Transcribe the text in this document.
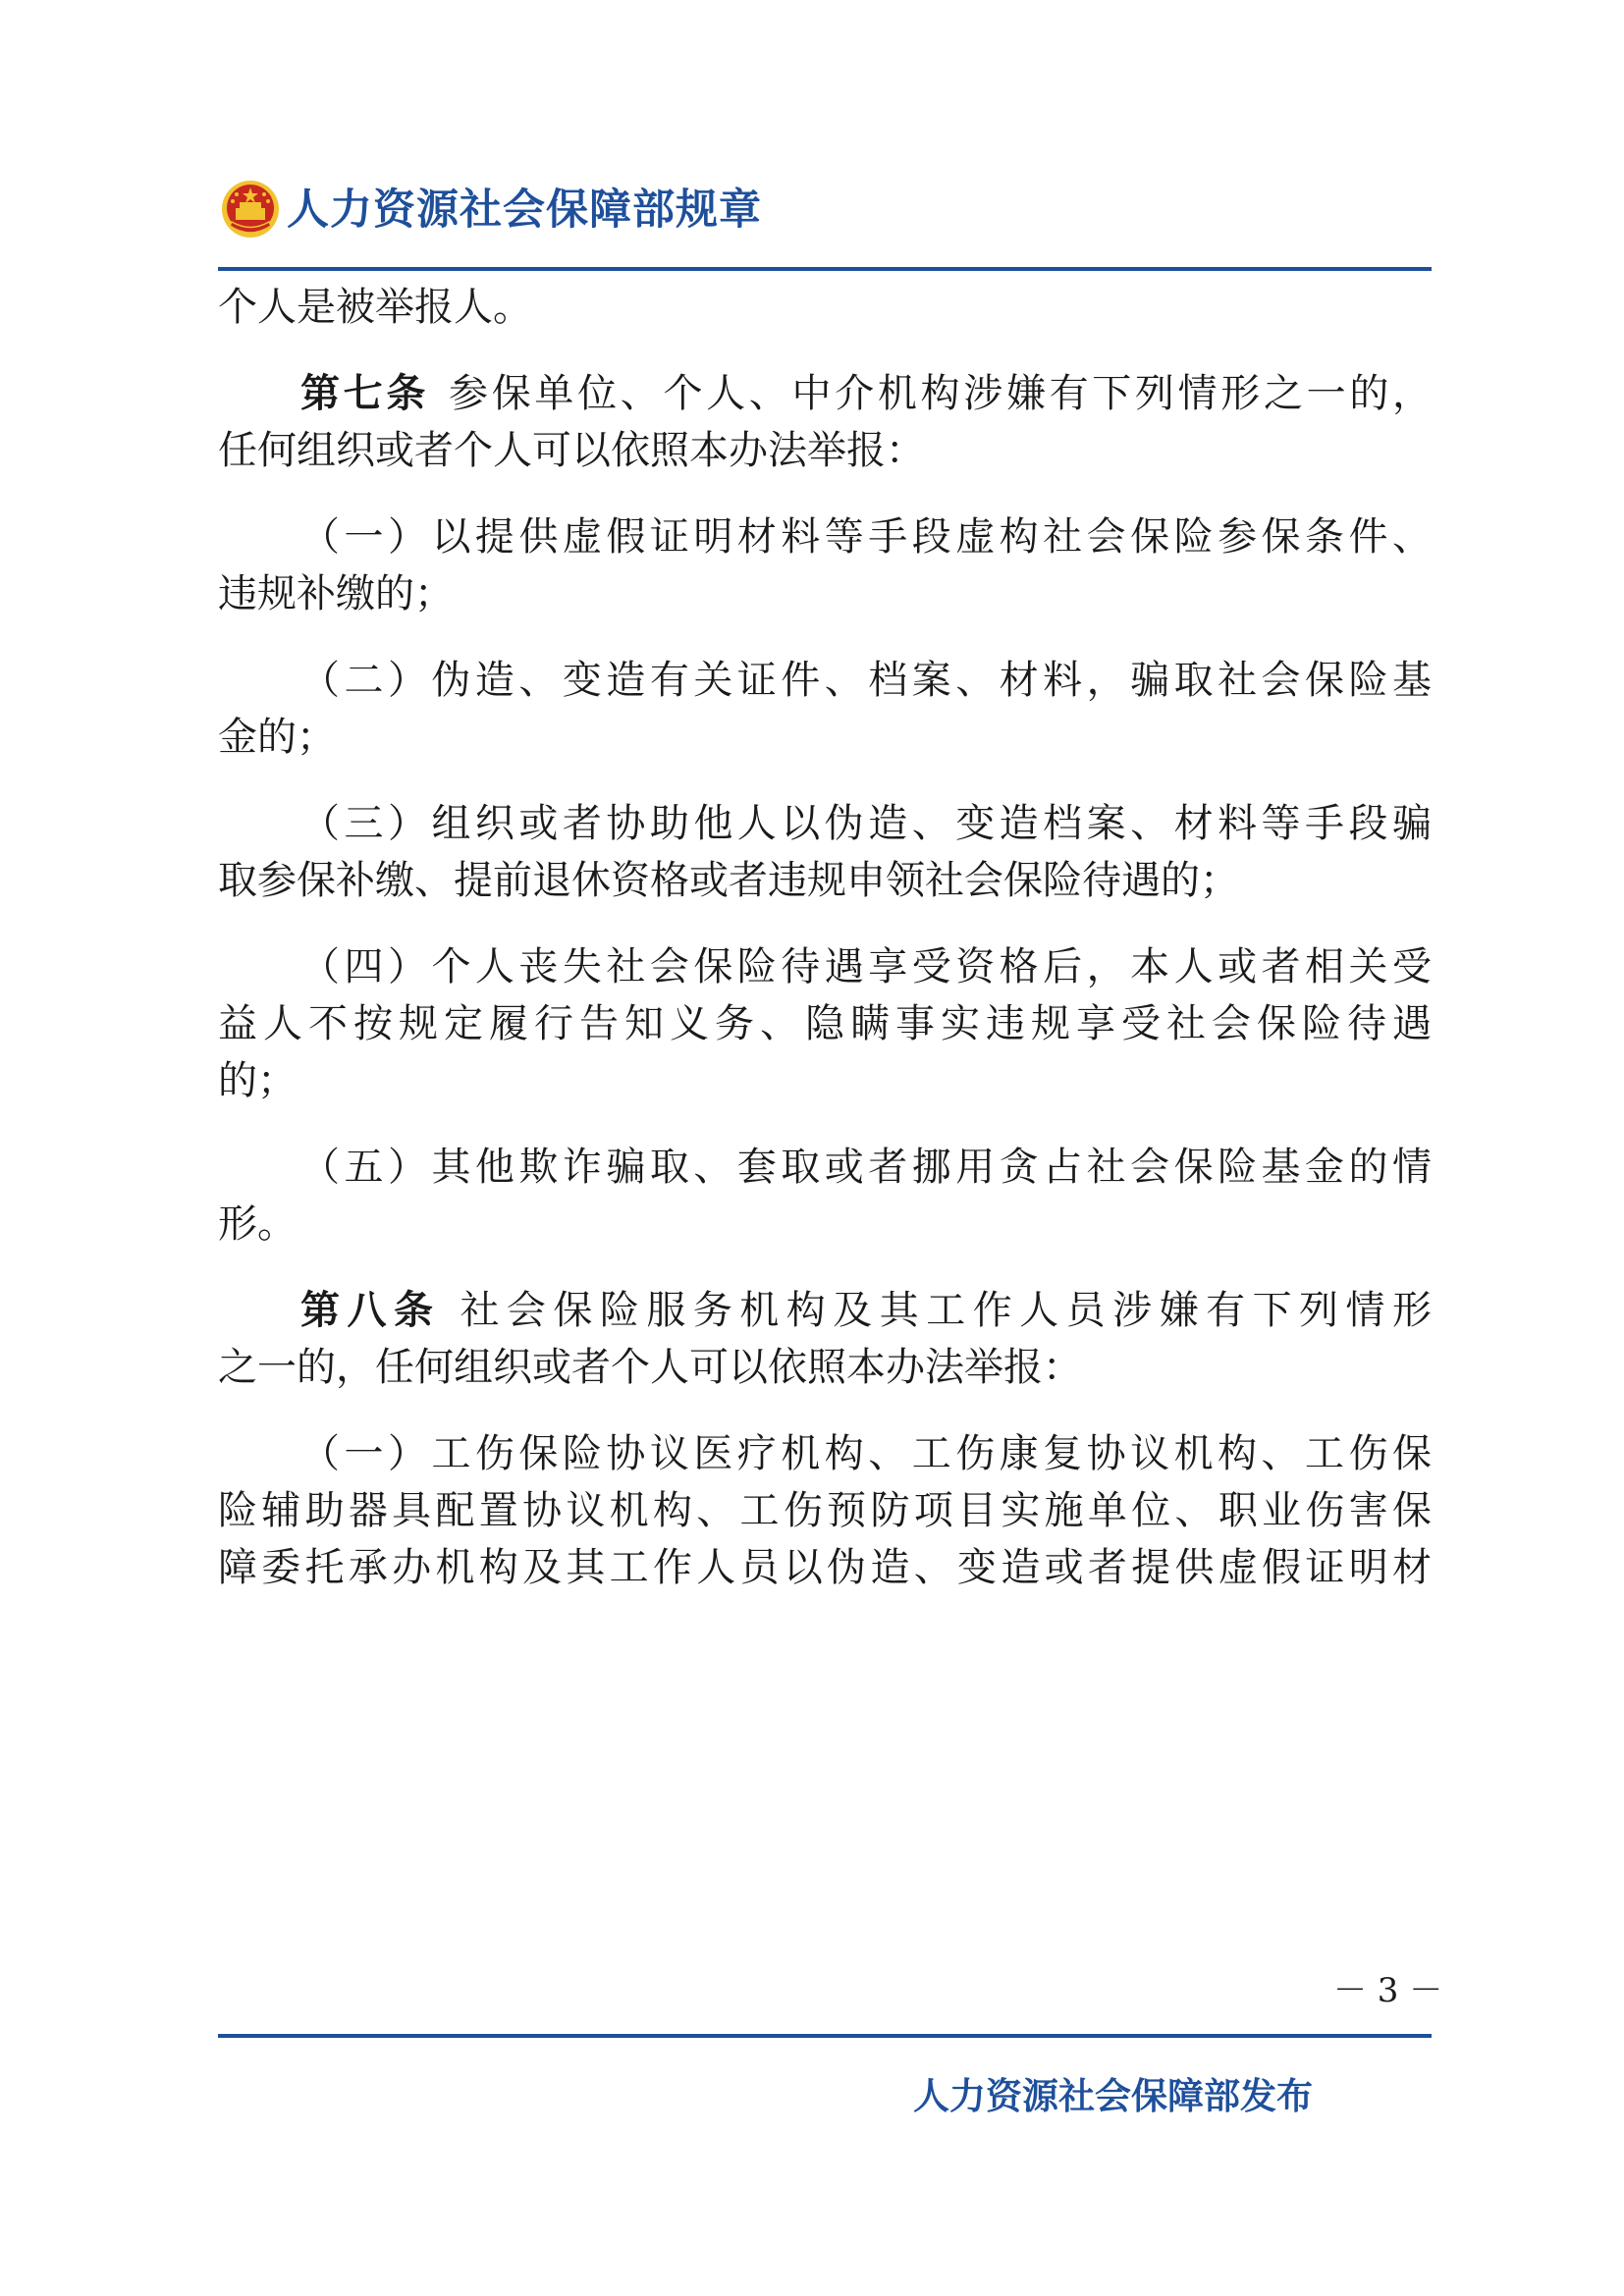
人力资源社会保障部规章
个人是被举报人。
第七条 参保单位、个人、中介机构涉嫌有下列情形之一的，
任何组织或者个人可以依照本办法举报：
（一）以提供虚假证明材料等手段虚构社会保险参保条件、
违规补缴的；
（二）伪造、变造有关证件、档案、材料，骗取社会保险基
金的；
（三）组织或者协助他人以伪造、变造档案、材料等手段骗
取参保补缴、提前退休资格或者违规申领社会保险待遇的；
（四）个人丧失社会保险待遇享受资格后，本人或者相关受
益人不按规定履行告知义务、隐瞒事实违规享受社会保险待遇
的；
（五）其他欺诈骗取、套取或者挪用贪占社会保险基金的情
形。
第八条 社会保险服务机构及其工作人员涉嫌有下列情形
之一的，任何组织或者个人可以依照本办法举报：
（一）工伤保险协议医疗机构、工伤康复协议机构、工伤保
险辅助器具配置协议机构、工伤预防项目实施单位、职业伤害保
障委托承办机构及其工作人员以伪造、变造或者提供虚假证明材
－ 3 －
人力资源社会保障部发布
